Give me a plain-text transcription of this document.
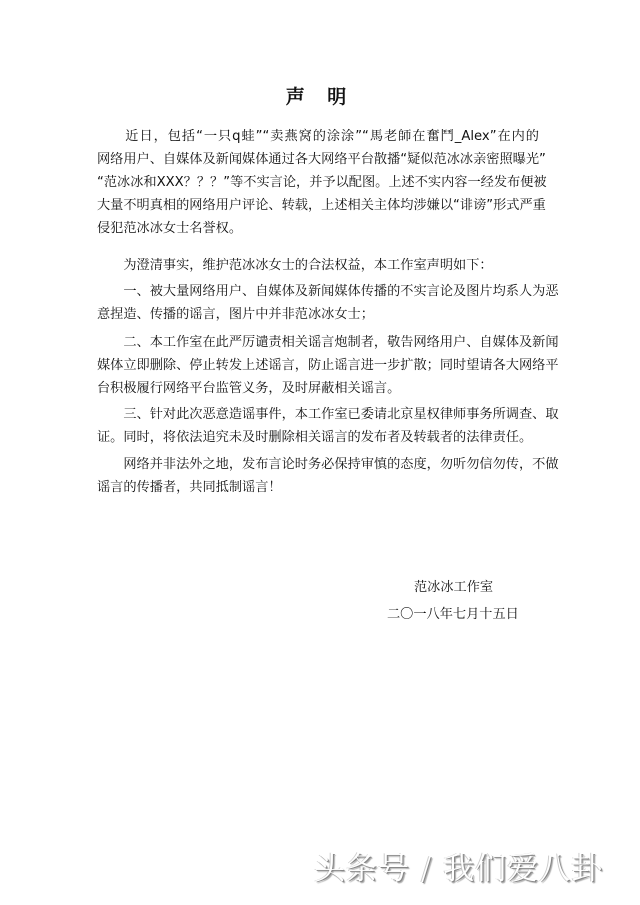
声 明
　　近日，包括“一只q蛙”“卖燕窝的涂涂”“馬老師在奮鬥_Alex”在内的
网络用户、自媒体及新闻媒体通过各大网络平台散播“疑似范冰冰亲密照曝光”
“范冰冰和XXX？？？”等不实言论，并予以配图。上述不实内容一经发布便被
大量不明真相的网络用户评论、转载，上述相关主体均涉嫌以“诽谤”形式严重
侵犯范冰冰女士名誉权。
　　为澄清事实，维护范冰冰女士的合法权益，本工作室声明如下：
　　一、被大量网络用户、自媒体及新闻媒体传播的不实言论及图片均系人为恶
意捏造、传播的谣言，图片中并非范冰冰女士；
　　二、本工作室在此严厉谴责相关谣言炮制者，敬告网络用户、自媒体及新闻
媒体立即删除、停止转发上述谣言，防止谣言进一步扩散；同时望请各大网络平
台积极履行网络平台监管义务，及时屏蔽相关谣言。
　　三、针对此次恶意造谣事件，本工作室已委请北京星权律师事务所调查、取
证。同时，将依法追究未及时删除相关谣言的发布者及转载者的法律责任。
　　网络并非法外之地，发布言论时务必保持审慎的态度，勿听勿信勿传，不做
谣言的传播者，共同抵制谣言！
范冰冰工作室
二〇一八年七月十五日
头条号 / 我们爱八卦
